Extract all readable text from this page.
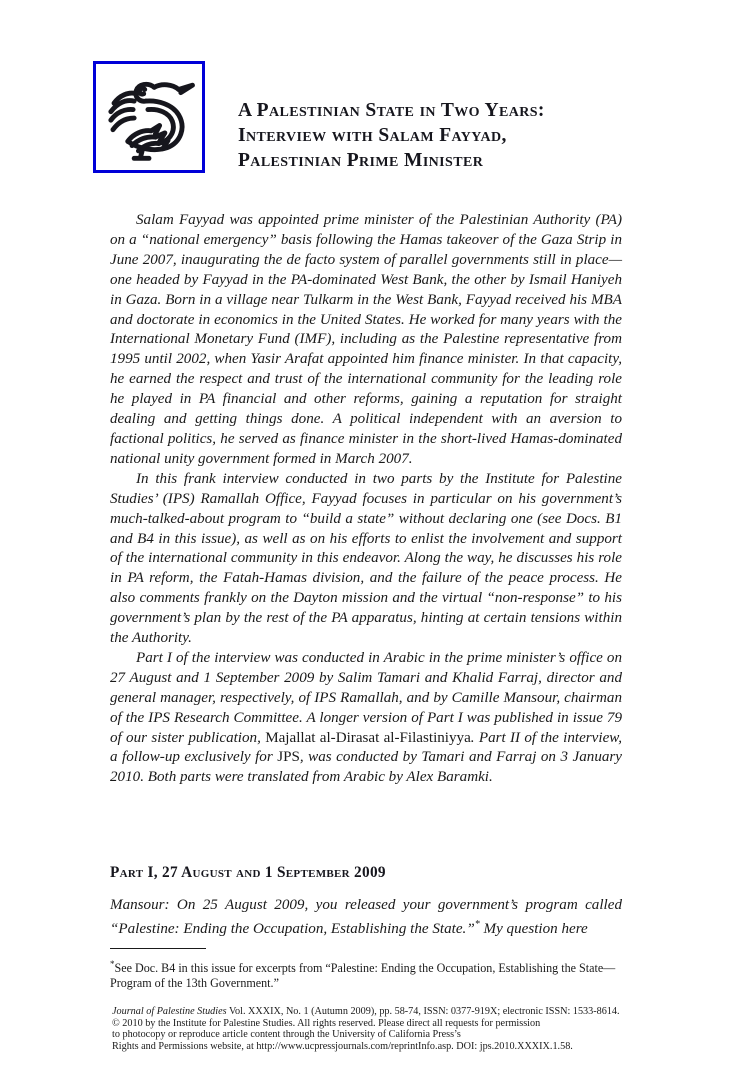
A Palestinian State in Two Years:
Interview with Salam Fayyad,
Palestinian Prime Minister

Salam Fayyad was appointed prime minister of the Palestinian Authority (PA) on a “national emergency” basis following the Hamas takeover of the Gaza Strip in June 2007, inaugurating the de facto system of parallel governments still in place—one headed by Fayyad in the PA-dominated West Bank, the other by Ismail Haniyeh in Gaza. Born in a village near Tulkarm in the West Bank, Fayyad received his MBA and doctorate in economics in the United States. He worked for many years with the International Monetary Fund (IMF), including as the Palestine representative from 1995 until 2002, when Yasir Arafat appointed him finance minister. In that capacity, he earned the respect and trust of the international community for the leading role he played in PA financial and other reforms, gaining a reputation for straight dealing and getting things done. A political independent with an aversion to factional politics, he served as finance minister in the short-lived Hamas-dominated national unity government formed in March 2007.

In this frank interview conducted in two parts by the Institute for Palestine Studies’ (IPS) Ramallah Office, Fayyad focuses in particular on his government’s much-talked-about program to “build a state” without declaring one (see Docs. B1 and B4 in this issue), as well as on his efforts to enlist the involvement and support of the international community in this endeavor. Along the way, he discusses his role in PA reform, the Fatah-Hamas division, and the failure of the peace process. He also comments frankly on the Dayton mission and the virtual “non-response” to his government’s plan by the rest of the PA apparatus, hinting at certain tensions within the Authority.

Part I of the interview was conducted in Arabic in the prime minister’s office on 27 August and 1 September 2009 by Salim Tamari and Khalid Farraj, director and general manager, respectively, of IPS Ramallah, and by Camille Mansour, chairman of the IPS Research Committee. A longer version of Part I was published in issue 79 of our sister publication, Majallat al-Dirasat al-Filastiniyya. Part II of the interview, a follow-up exclusively for JPS, was conducted by Tamari and Farraj on 3 January 2010. Both parts were translated from Arabic by Alex Baramki.

Part I, 27 August and 1 September 2009

Mansour: On 25 August 2009, you released your government’s program called “Palestine: Ending the Occupation, Establishing the State.”* My question here

*See Doc. B4 in this issue for excerpts from “Palestine: Ending the Occupation, Establishing the State—Program of the 13th Government.”
Journal of Palestine Studies Vol. XXXIX, No. 1 (Autumn 2009), pp. 58-74, ISSN: 0377-919X; electronic ISSN: 1533-8614.
© 2010 by the Institute for Palestine Studies. All rights reserved. Please direct all requests for permission
to photocopy or reproduce article content through the University of California Press’s
Rights and Permissions website, at http://www.ucpressjournals.com/reprintInfo.asp. DOI: jps.2010.XXXIX.1.58.
